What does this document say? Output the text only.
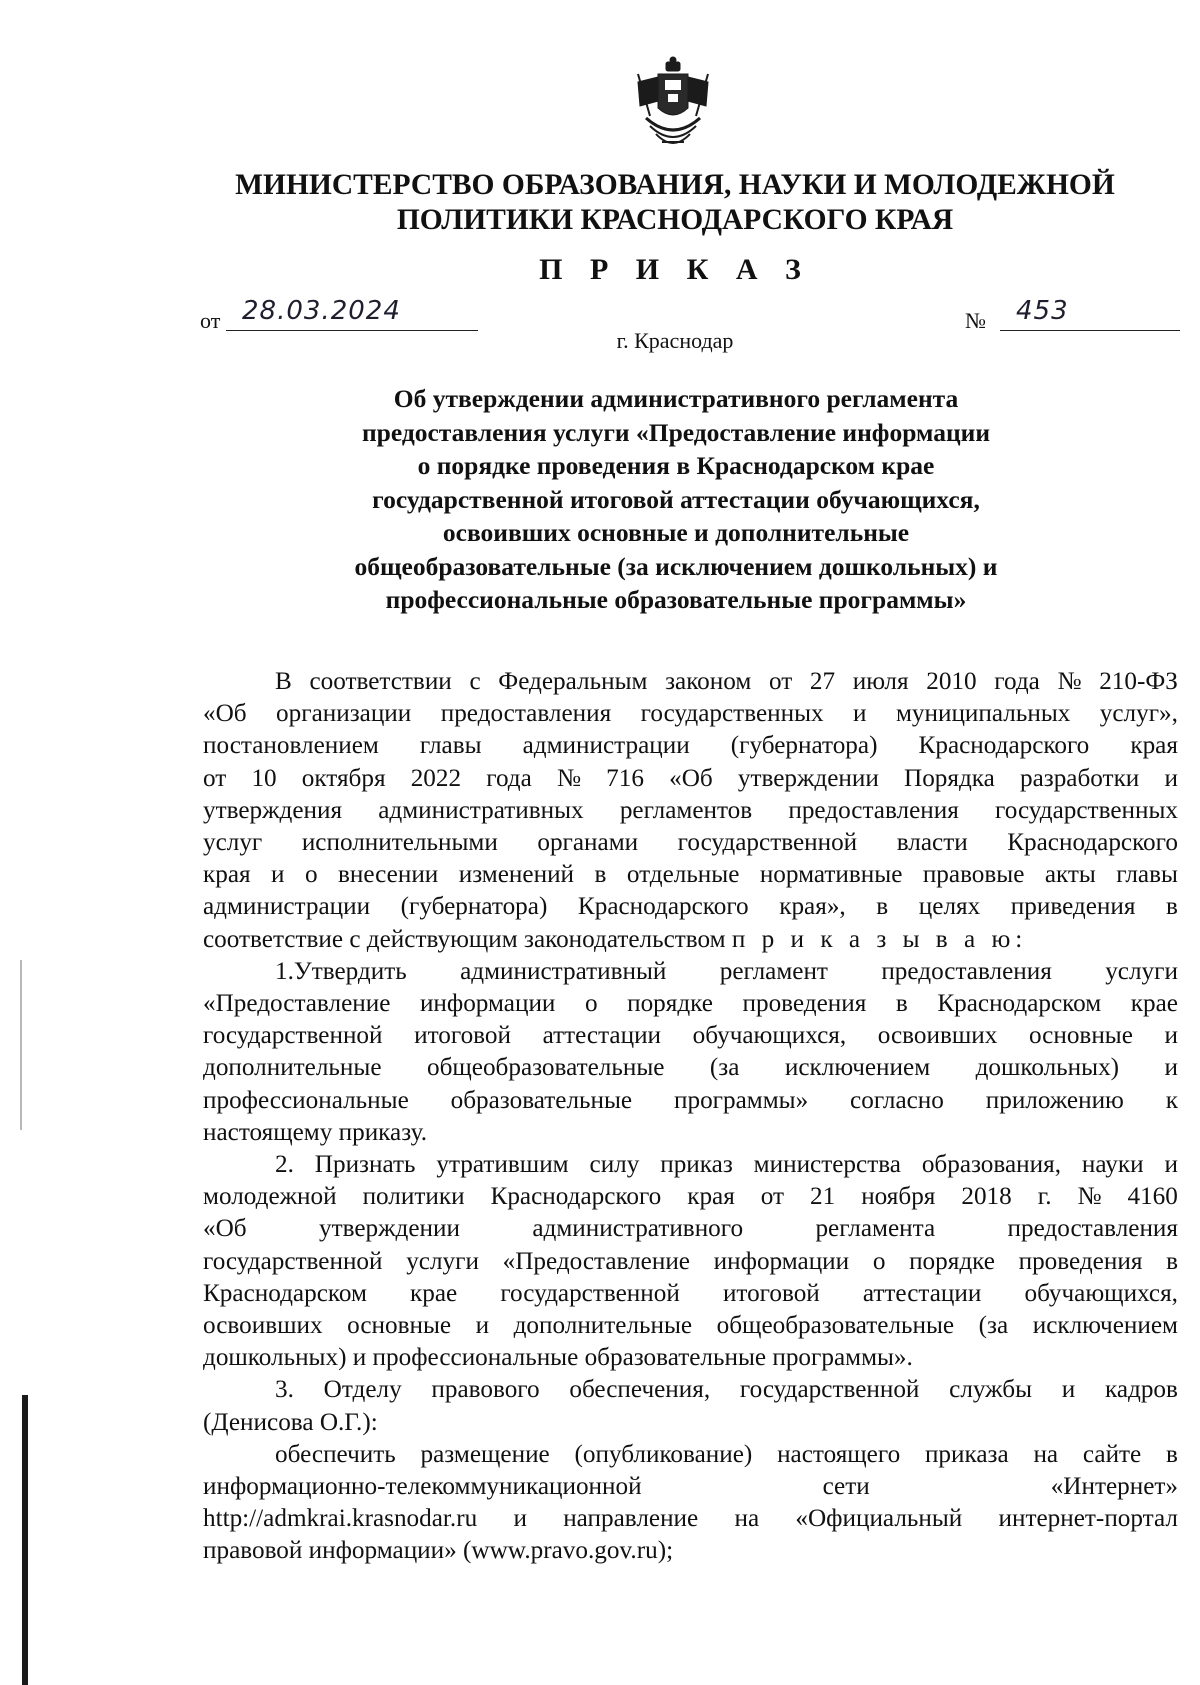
МИНИСТЕРСТВО ОБРАЗОВАНИЯ, НАУКИ И МОЛОДЕЖНОЙ
ПОЛИТИКИ КРАСНОДАРСКОГО КРАЯ
П Р И К А З
от 28.03.2024	№ 453
г. Краснодар
Об утверждении административного регламента
предоставления услуги «Предоставление информации
о порядке проведения в Краснодарском крае
государственной итоговой аттестации обучающихся,
освоивших основные и дополнительные
общеобразовательные (за исключением дошкольных) и
профессиональные образовательные программы»
В соответствии с Федеральным законом от 27 июля 2010 года № 210-ФЗ
«Об организации предоставления государственных и муниципальных услуг»,
постановлением главы администрации (губернатора) Краснодарского края
от 10 октября 2022 года № 716 «Об утверждении Порядка разработки и
утверждения административных регламентов предоставления государственных
услуг исполнительными органами государственной власти Краснодарского
края и о внесении изменений в отдельные нормативные правовые акты главы
администрации (губернатора) Краснодарского края», в целях приведения в
соответствие с действующим законодательством п р и к а з ы в а ю:
1.Утвердить административный регламент предоставления услуги
«Предоставление информации о порядке проведения в Краснодарском крае
государственной итоговой аттестации обучающихся, освоивших основные и
дополнительные общеобразовательные (за исключением дошкольных) и
профессиональные образовательные программы» согласно приложению к
настоящему приказу.
2. Признать утратившим силу приказ министерства образования, науки и
молодежной политики Краснодарского края от 21 ноября 2018 г. № 4160
«Об	утверждении	административного	регламента	предоставления
государственной услуги «Предоставление информации о порядке проведения в
Краснодарском крае государственной итоговой аттестации обучающихся,
освоивших основные и дополнительные общеобразовательные (за исключением
дошкольных) и профессиональные образовательные программы».
3. Отделу правового обеспечения, государственной службы и кадров
(Денисова О.Г.):
обеспечить размещение (опубликование) настоящего приказа на сайте в
информационно-телекоммуникационной	сети	«Интернет»
http://admkrai.krasnodar.ru и направление на «Официальный интернет-портал
правовой информации» (www.pravo.gov.ru);
